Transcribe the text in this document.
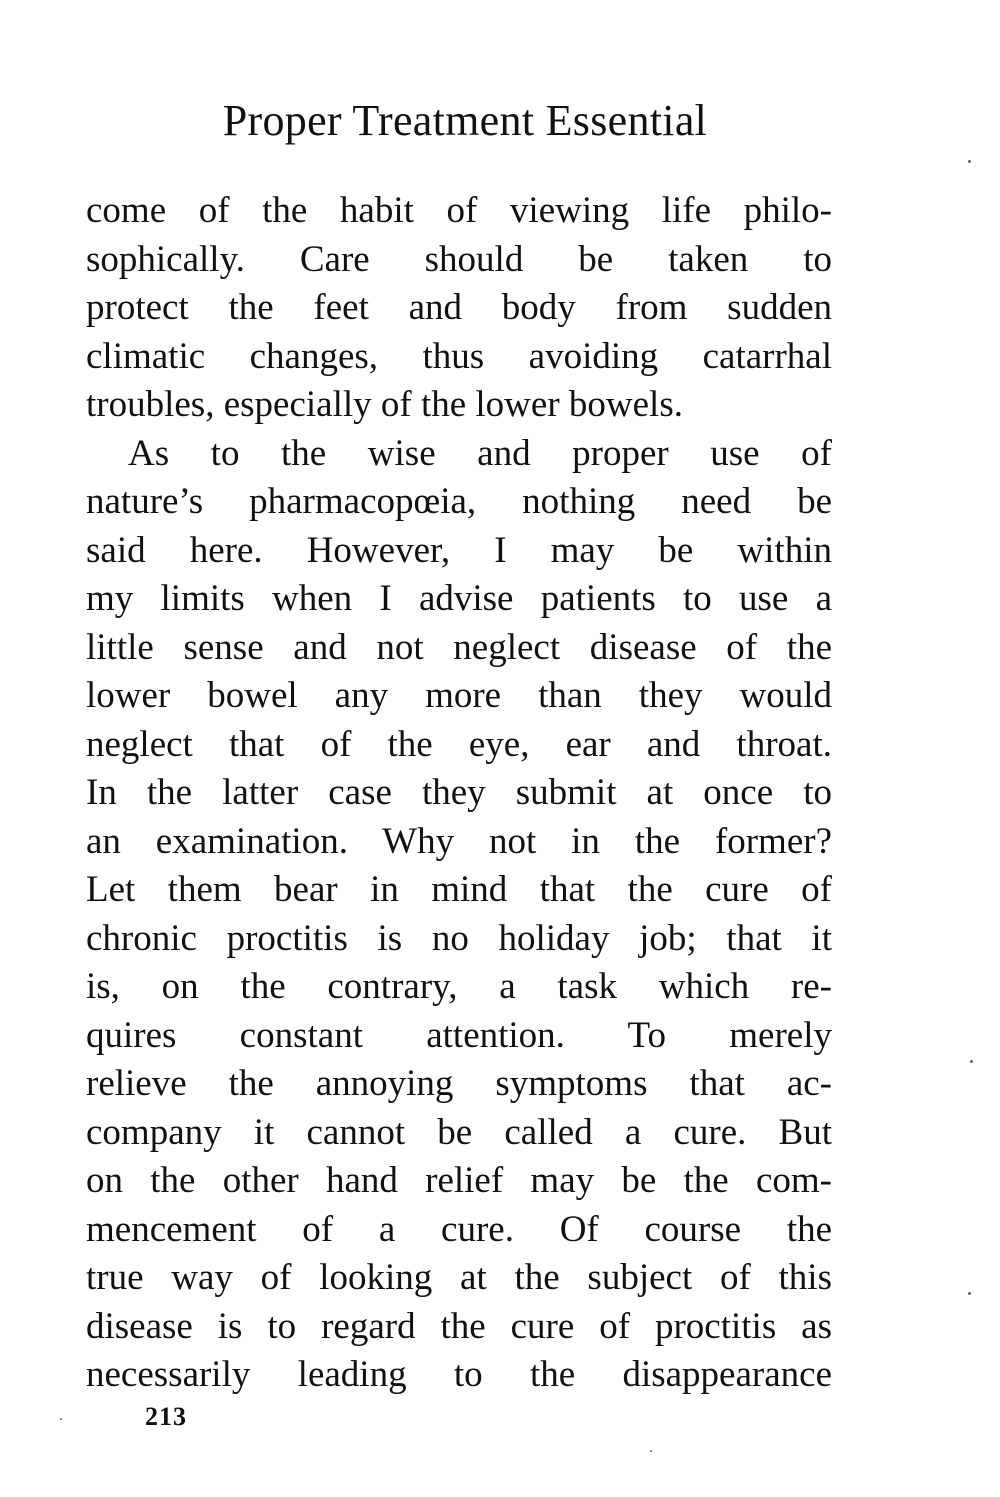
Proper Treatment Essential
come of the habit of viewing life philo-
sophically. Care should be taken to
protect the feet and body from sudden
climatic changes, thus avoiding catarrhal
troubles, especially of the lower bowels.
As to the wise and proper use of
nature’s pharmacopœia, nothing need be
said here. However, I may be within
my limits when I advise patients to use a
little sense and not neglect disease of the
lower bowel any more than they would
neglect that of the eye, ear and throat.
In the latter case they submit at once to
an examination. Why not in the former?
Let them bear in mind that the cure of
chronic proctitis is no holiday job; that it
is, on the contrary, a task which re-
quires constant attention. To merely
relieve the annoying symptoms that ac-
company it cannot be called a cure. But
on the other hand relief may be the com-
mencement of a cure. Of course the
true way of looking at the subject of this
disease is to regard the cure of proctitis as
necessarily leading to the disappearance
213
